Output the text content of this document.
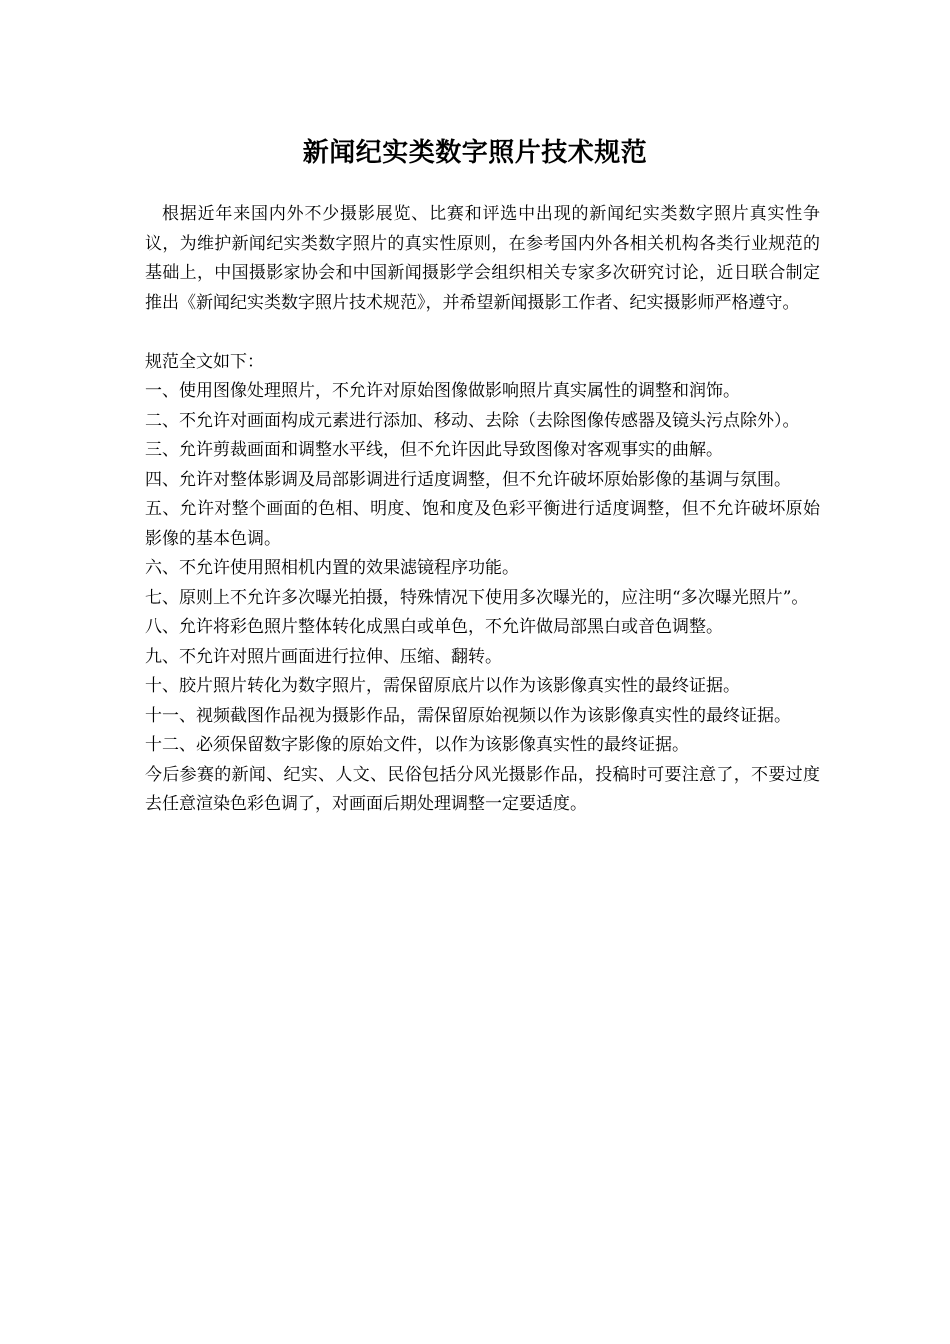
新闻纪实类数字照片技术规范

根据近年来国内外不少摄影展览、比赛和评选中出现的新闻纪实类数字照片真实性争议，为维护新闻纪实类数字照片的真实性原则，在参考国内外各相关机构各类行业规范的基础上，中国摄影家协会和中国新闻摄影学会组织相关专家多次研究讨论，近日联合制定推出《新闻纪实类数字照片技术规范》，并希望新闻摄影工作者、纪实摄影师严格遵守。

规范全文如下：

一、使用图像处理照片，不允许对原始图像做影响照片真实属性的调整和润饰。

二、不允许对画面构成元素进行添加、移动、去除（去除图像传感器及镜头污点除外）。

三、允许剪裁画面和调整水平线，但不允许因此导致图像对客观事实的曲解。

四、允许对整体影调及局部影调进行适度调整，但不允许破坏原始影像的基调与氛围。

五、允许对整个画面的色相、明度、饱和度及色彩平衡进行适度调整，但不允许破坏原始影像的基本色调。

六、不允许使用照相机内置的效果滤镜程序功能。

七、原则上不允许多次曝光拍摄，特殊情况下使用多次曝光的，应注明“多次曝光照片”。

八、允许将彩色照片整体转化成黑白或单色，不允许做局部黑白或音色调整。

九、不允许对照片画面进行拉伸、压缩、翻转。

十、胶片照片转化为数字照片，需保留原底片以作为该影像真实性的最终证据。

十一、视频截图作品视为摄影作品，需保留原始视频以作为该影像真实性的最终证据。

十二、必须保留数字影像的原始文件，以作为该影像真实性的最终证据。

今后参赛的新闻、纪实、人文、民俗包括分风光摄影作品，投稿时可要注意了，不要过度去任意渲染色彩色调了，对画面后期处理调整一定要适度。
